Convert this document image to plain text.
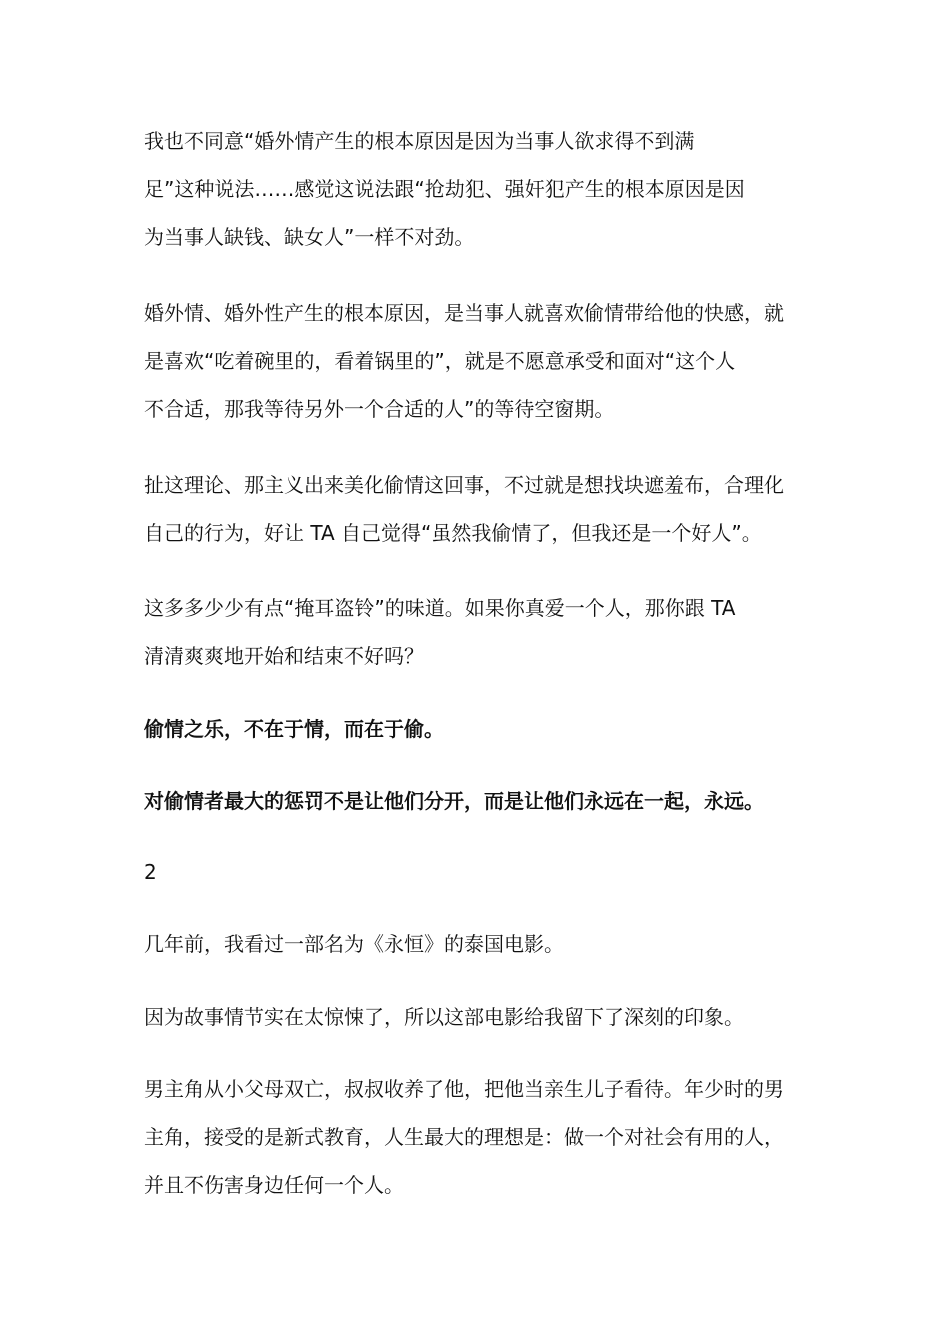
我也不同意“婚外情产生的根本原因是因为当事人欲求得不到满
足”这种说法……感觉这说法跟“抢劫犯、强奸犯产生的根本原因是因
为当事人缺钱、缺女人”一样不对劲。

婚外情、婚外性产生的根本原因，是当事人就喜欢偷情带给他的快感，就
是喜欢“吃着碗里的，看着锅里的”，就是不愿意承受和面对“这个人
不合适，那我等待另外一个合适的人”的等待空窗期。

扯这理论、那主义出来美化偷情这回事，不过就是想找块遮羞布，合理化
自己的行为，好让 TA 自己觉得“虽然我偷情了，但我还是一个好人”。

这多多少少有点“掩耳盗铃”的味道。如果你真爱一个人，那你跟 TA
清清爽爽地开始和结束不好吗？

偷情之乐，不在于情，而在于偷。

对偷情者最大的惩罚不是让他们分开，而是让他们永远在一起，永远。

2

几年前，我看过一部名为《永恒》的泰国电影。

因为故事情节实在太惊悚了，所以这部电影给我留下了深刻的印象。

男主角从小父母双亡，叔叔收养了他，把他当亲生儿子看待。年少时的男
主角，接受的是新式教育，人生最大的理想是：做一个对社会有用的人，
并且不伤害身边任何一个人。
